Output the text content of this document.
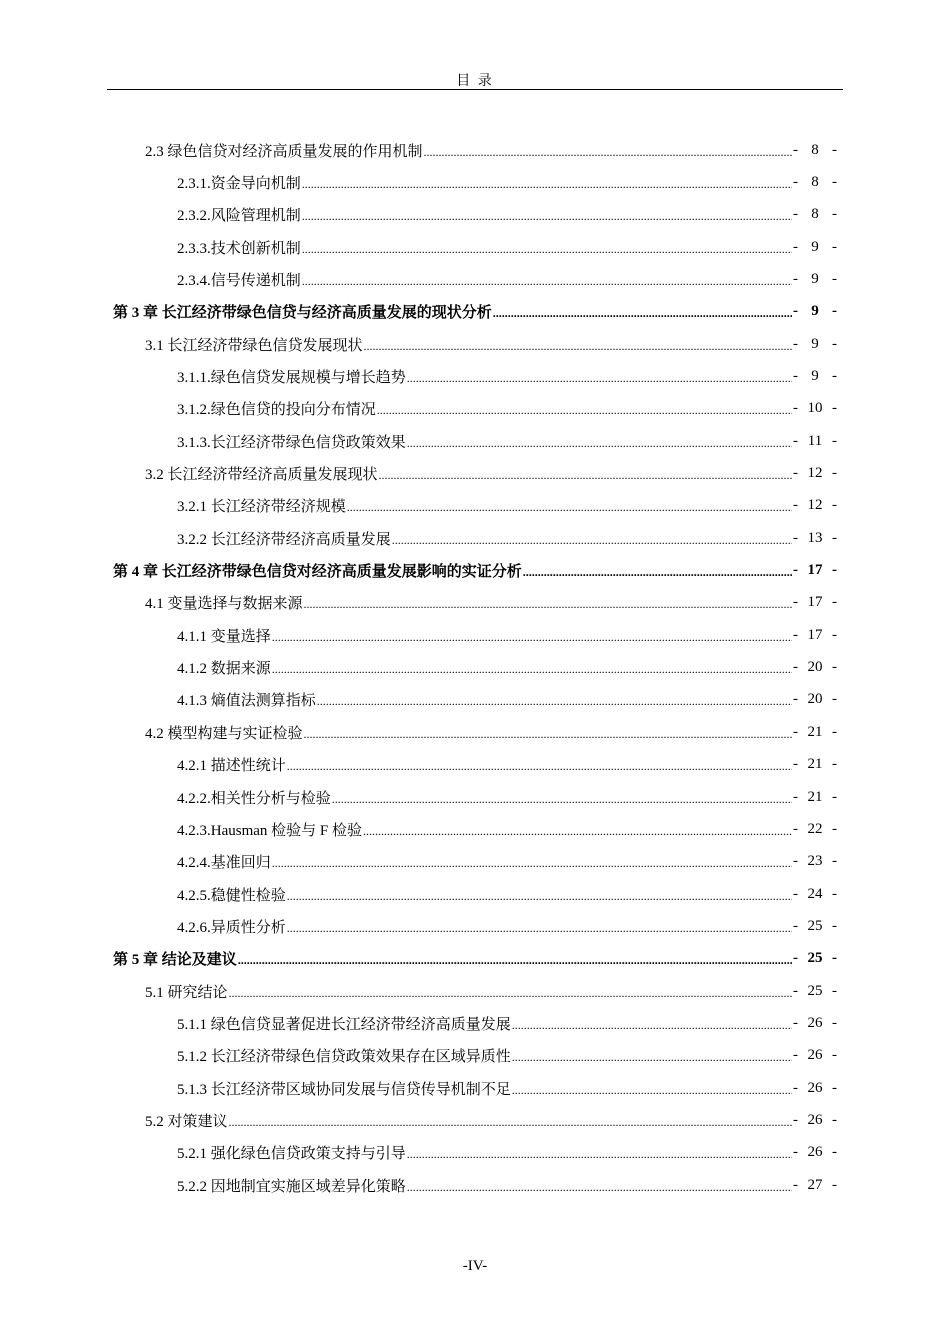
目 录
2.3 绿色信贷对经济高质量发展的作用机制 .....	- 8 -
2.3.1.资金导向机制 .....	- 8 -
2.3.2.风险管理机制 .....	- 8 -
2.3.3.技术创新机制 .....	- 9 -
2.3.4.信号传递机制 .....	- 9 -
第 3 章 长江经济带绿色信贷与经济高质量发展的现状分析 .....	- 9 -
3.1 长江经济带绿色信贷发展现状 .....	- 9 -
3.1.1.绿色信贷发展规模与增长趋势 .....	- 9 -
3.1.2.绿色信贷的投向分布情况 .....	- 10 -
3.1.3.长江经济带绿色信贷政策效果 .....	- 11 -
3.2 长江经济带经济高质量发展现状 .....	- 12 -
3.2.1 长江经济带经济规模 .....	- 12 -
3.2.2 长江经济带经济高质量发展 .....	- 13 -
第 4 章 长江经济带绿色信贷对经济高质量发展影响的实证分析 .....	- 17 -
4.1 变量选择与数据来源 .....	- 17 -
4.1.1 变量选择 .....	- 17 -
4.1.2 数据来源 .....	- 20 -
4.1.3 熵值法测算指标 .....	- 20 -
4.2 模型构建与实证检验 .....	- 21 -
4.2.1 描述性统计 .....	- 21 -
4.2.2.相关性分析与检验 .....	- 21 -
4.2.3.Hausman 检验与 F 检验 .....	- 22 -
4.2.4.基准回归 .....	- 23 -
4.2.5.稳健性检验 .....	- 24 -
4.2.6.异质性分析 .....	- 25 -
第 5 章 结论及建议 .....	- 25 -
5.1 研究结论 .....	- 25 -
5.1.1 绿色信贷显著促进长江经济带经济高质量发展 .....	- 26 -
5.1.2 长江经济带绿色信贷政策效果存在区域异质性 .....	- 26 -
5.1.3 长江经济带区域协同发展与信贷传导机制不足 .....	- 26 -
5.2 对策建议 .....	- 26 -
5.2.1 强化绿色信贷政策支持与引导 .....	- 26 -
5.2.2 因地制宜实施区域差异化策略 .....	- 27 -
-IV-
